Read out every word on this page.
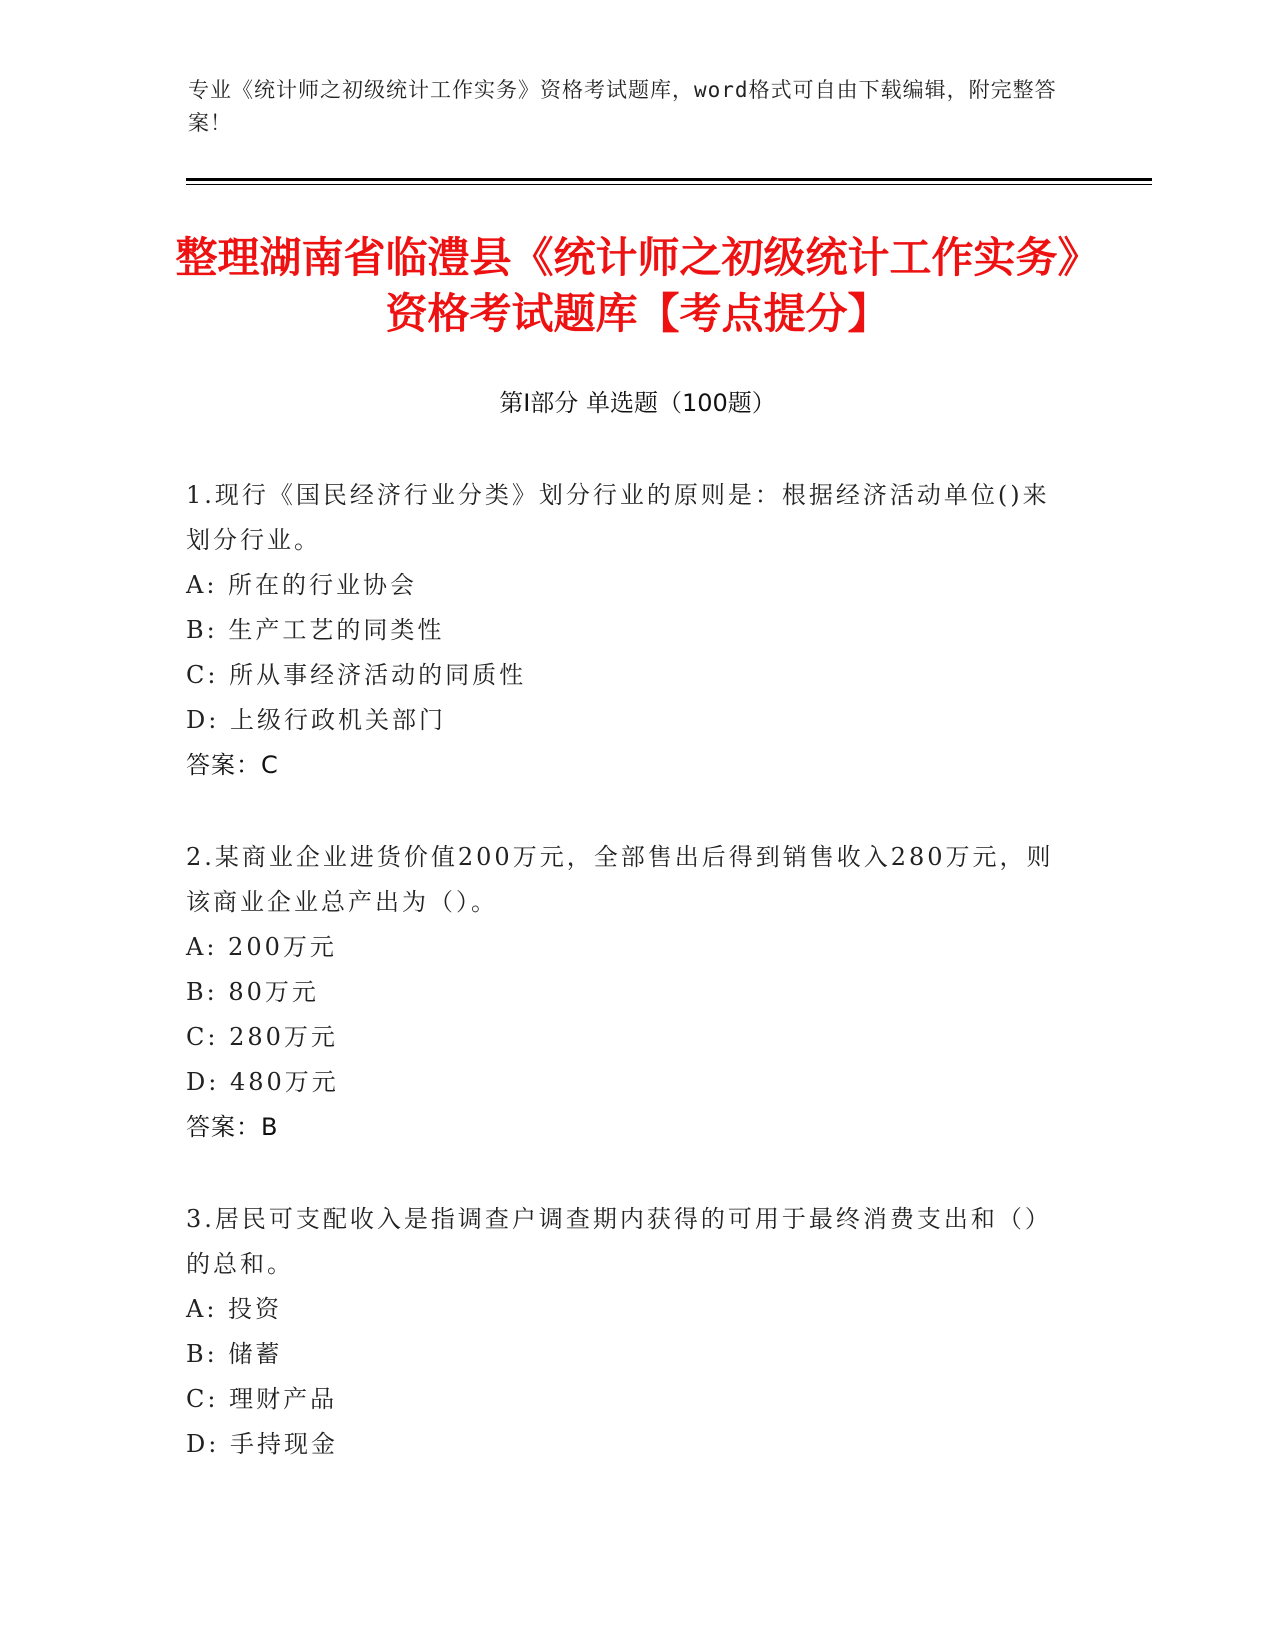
专业《统计师之初级统计工作实务》资格考试题库，word格式可自由下载编辑，附完整答案！
整理湖南省临澧县《统计师之初级统计工作实务》资格考试题库【考点提分】
第Ⅰ部分 单选题（100题）

1.现行《国民经济行业分类》划分行业的原则是：根据经济活动单位()来划分行业。

A: 所在的行业协会

B: 生产工艺的同类性

C: 所从事经济活动的同质性

D: 上级行政机关部门

答案：C

2.某商业企业进货价值200万元，全部售出后得到销售收入280万元，则该商业企业总产出为（）。

A: 200万元

B: 80万元

C: 280万元

D: 480万元

答案：B

3.居民可支配收入是指调查户调查期内获得的可用于最终消费支出和（）的总和。

A: 投资

B: 储蓄

C: 理财产品

D: 手持现金
